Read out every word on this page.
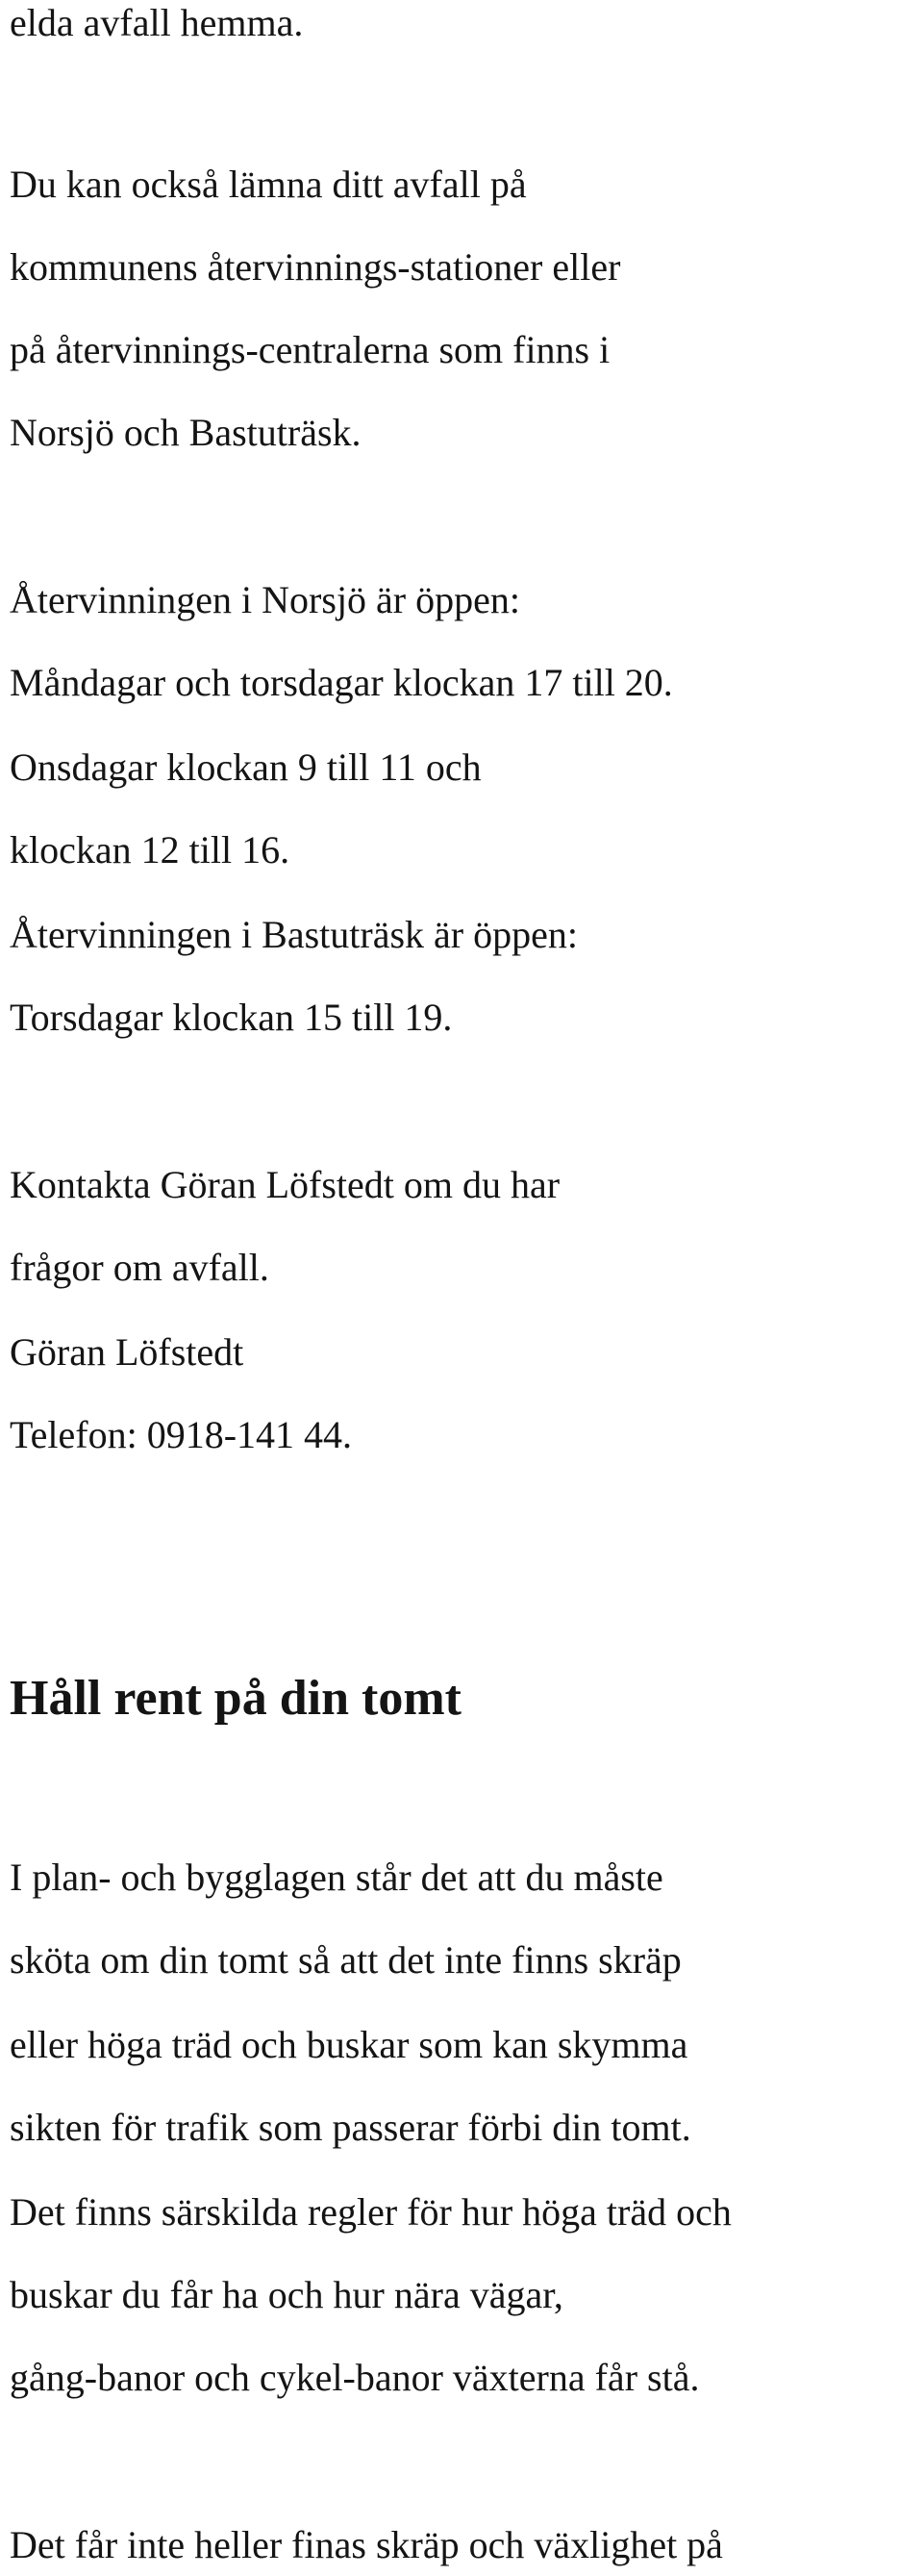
elda avfall hemma.

Du kan också lämna ditt avfall på

kommunens återvinnings-stationer eller

på återvinnings-centralerna som finns i

Norsjö och Bastuträsk.

Återvinningen i Norsjö är öppen:

Måndagar och torsdagar klockan 17 till 20.

Onsdagar klockan 9 till 11 och

klockan 12 till 16.

Återvinningen i Bastuträsk är öppen:

Torsdagar klockan 15 till 19.

Kontakta Göran Löfstedt om du har

frågor om avfall.

Göran Löfstedt

Telefon: 0918-141 44.

Håll rent på din tomt

I plan- och bygglagen står det att du måste

sköta om din tomt så att det inte finns skräp

eller höga träd och buskar som kan skymma

sikten för trafik som passerar förbi din tomt.

Det finns särskilda regler för hur höga träd och

buskar du får ha och hur nära vägar,

gång-banor och cykel-banor växterna får stå.

Det får inte heller finas skräp och växlighet på
